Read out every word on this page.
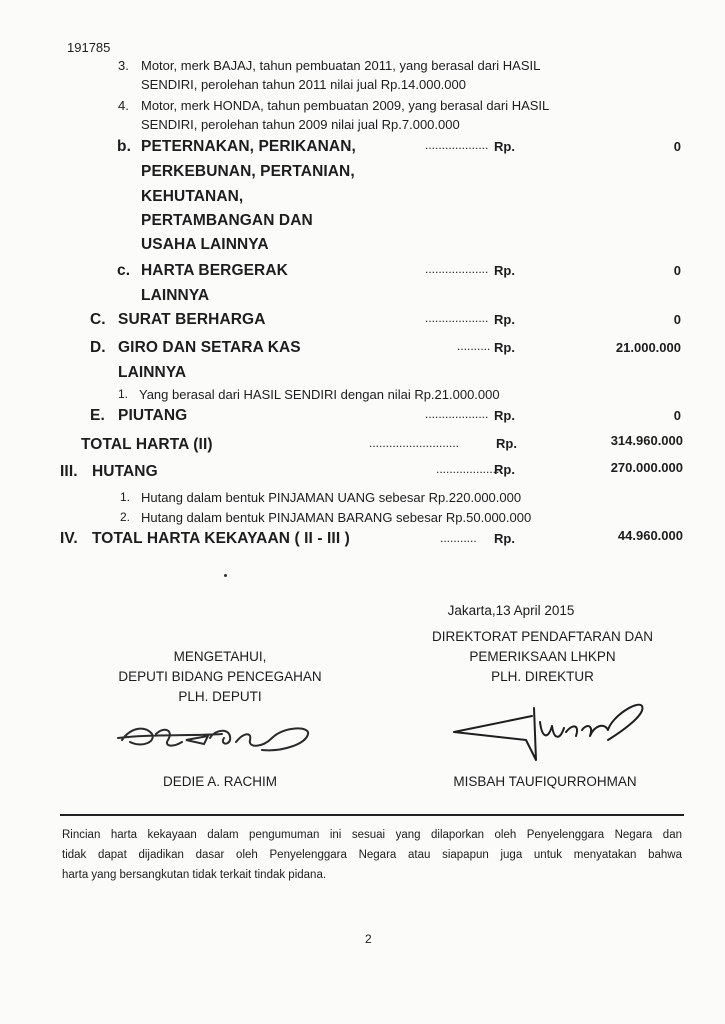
191785
3. Motor, merk BAJAJ, tahun pembuatan 2011, yang berasal dari HASIL
SENDIRI, perolehan tahun 2011 nilai jual Rp.14.000.000
4. Motor, merk HONDA, tahun pembuatan 2009, yang berasal dari HASIL
SENDIRI, perolehan tahun 2009 nilai jual Rp.7.000.000
b. PETERNAKAN, PERIKANAN,
PERKEBUNAN, PERTANIAN,
KEHUTANAN,
PERTAMBANGAN DAN
USAHA LAINNYA
................... Rp.	0
c. HARTA BERGERAK
LAINNYA
................... Rp.	0
C. SURAT BERHARGA	................... Rp.	0
D. GIRO DAN SETARA KAS
LAINNYA
.......... Rp.	21.000.000
1. Yang berasal dari HASIL SENDIRI dengan nilai Rp.21.000.000
E. PIUTANG	................... Rp.	0
TOTAL HARTA (II)	...........................	Rp.	314.960.000
III. HUTANG	...................
Rp.	270.000.000
1. Hutang dalam bentuk PINJAMAN UANG sebesar Rp.220.000.000
2. Hutang dalam bentuk PINJAMAN BARANG sebesar Rp.50.000.000
IV. TOTAL HARTA KEKAYAAN ( II - III )	........... Rp.	44.960.000
Jakarta,13 April 2015
MENGETAHUI,
DEPUTI BIDANG PENCEGAHAN
PLH. DEPUTI
DIREKTORAT PENDAFTARAN DAN
PEMERIKSAAN LHKPN
PLH. DIREKTUR
DEDIE A. RACHIM	MISBAH TAUFIQURROHMAN
Rincian harta kekayaan dalam pengumuman ini sesuai yang dilaporkan oleh Penyelenggara Negara dan
tidak dapat dijadikan dasar oleh Penyelenggara Negara atau siapapun juga untuk menyatakan bahwa
harta yang bersangkutan tidak terkait tindak pidana.
2
